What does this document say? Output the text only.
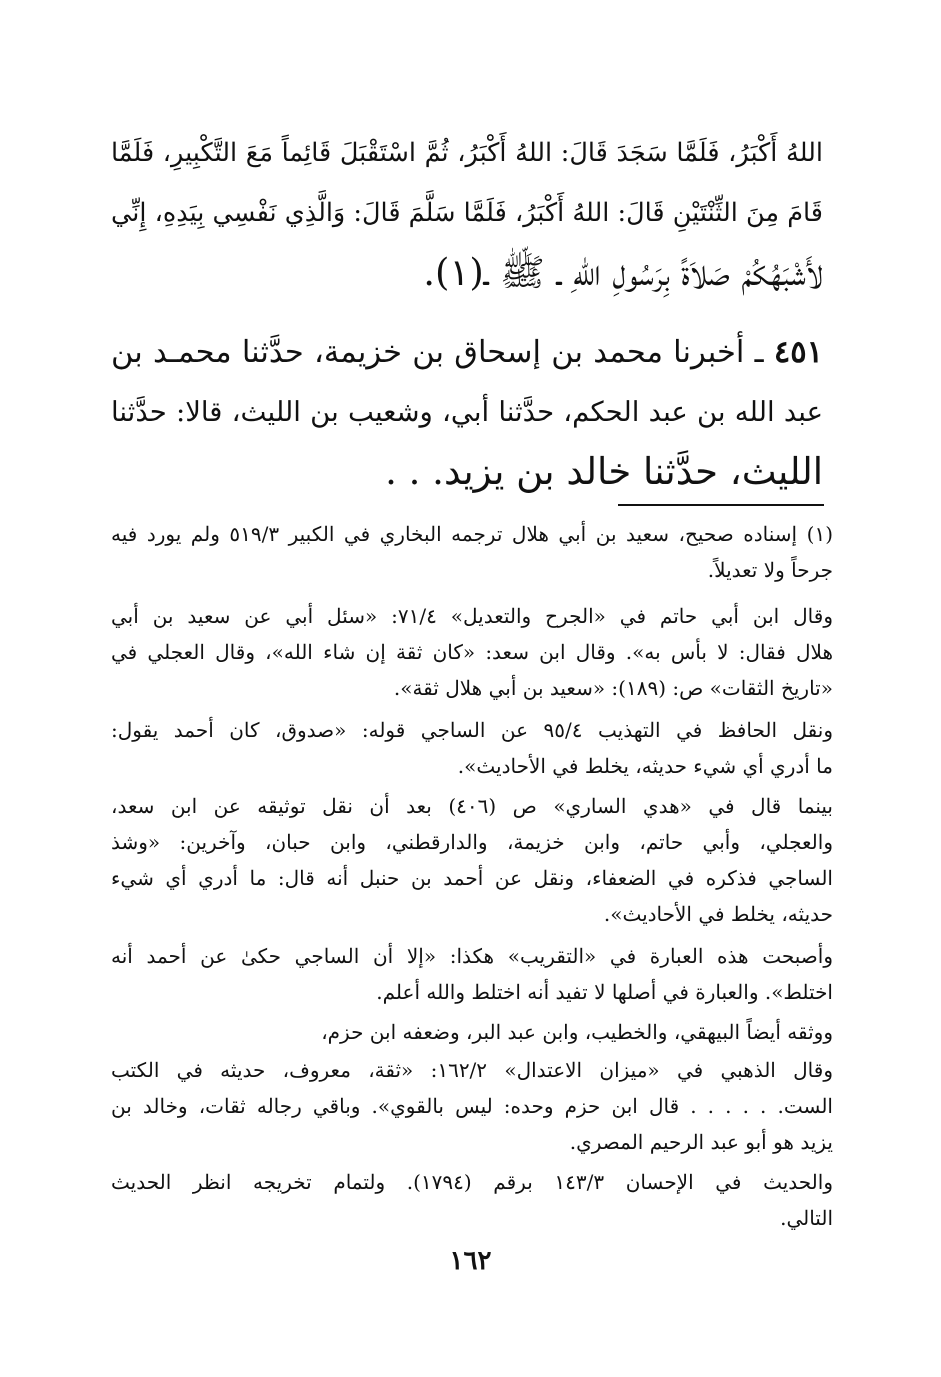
اللهُ أَكْبَرُ، فَلَمَّا سَجَدَ قَالَ: اللهُ أَكْبَرُ، ثُمَّ اسْتَقْبَلَ قَائِماً مَعَ التَّكْبِيرِ، فَلَمَّا
قَامَ مِنَ الثِّنْتَيْنِ قَالَ: اللهُ أَكْبَرُ، فَلَمَّا سَلَّمَ قَالَ: وَالَّذِي نَفْسِي بِيَدِهِ، إِنِّي
لأَشْبَهُكُمْ صَلاَةً بِرَسُولِ اللهِ ـ ﷺ ـ(١).
٤٥١ ـ أخبرنا محمد بن إسحاق بن خزيمة، حدَّثنا محمـد بن
عبد الله بن عبد الحكم، حدَّثنا أبي، وشعيب بن الليث، قالا: حدَّثنا
الليث، حدَّثنا خالد بن يزيد. . .
(١) إسناده صحيح، سعيد بن أبي هلال ترجمه البخاري في الكبير ٥١٩/٣ ولم يورد فيه
جرحاً ولا تعديلاً.
وقال ابن أبي حاتم في «الجرح والتعديل» ٧١/٤: «سئل أبي عن سعيد بن أبي
هلال فقال: لا بأس به». وقال ابن سعد: «كان ثقة إن شاء الله»، وقال العجلي في
«تاريخ الثقات» ص: (١٨٩): «سعيد بن أبي هلال ثقة».
ونقل الحافظ في التهذيب ٩٥/٤ عن الساجي قوله: «صدوق، كان أحمد يقول:
ما أدري أي شيء حديثه، يخلط في الأحاديث».
بينما قال في «هدي الساري» ص (٤٠٦) بعد أن نقل توثيقه عن ابن سعد،
والعجلي، وأبي حاتم، وابن خزيمة، والدارقطني، وابن حبان، وآخرين: «وشذ
الساجي فذكره في الضعفاء، ونقل عن أحمد بن حنبل أنه قال: ما أدري أي شيء
حديثه، يخلط في الأحاديث».
وأصبحت هذه العبارة في «التقريب» هكذا: «إلا أن الساجي حكىٰ عن أحمد أنه
اختلط». والعبارة في أصلها لا تفيد أنه اختلط والله أعلم.
ووثقه أيضاً البيهقي، والخطيب، وابن عبد البر، وضعفه ابن حزم،
وقال الذهبي في «ميزان الاعتدال» ١٦٢/٢: «ثقة، معروف، حديثه في الكتب
الست. . . . . . قال ابن حزم وحده: ليس بالقوي». وباقي رجاله ثقات، وخالد بن
يزيد هو أبو عبد الرحيم المصري.
والحديث في الإحسان ١٤٣/٣ برقم (١٧٩٤). ولتمام تخريجه انظر الحديث
التالي.
١٦٢
